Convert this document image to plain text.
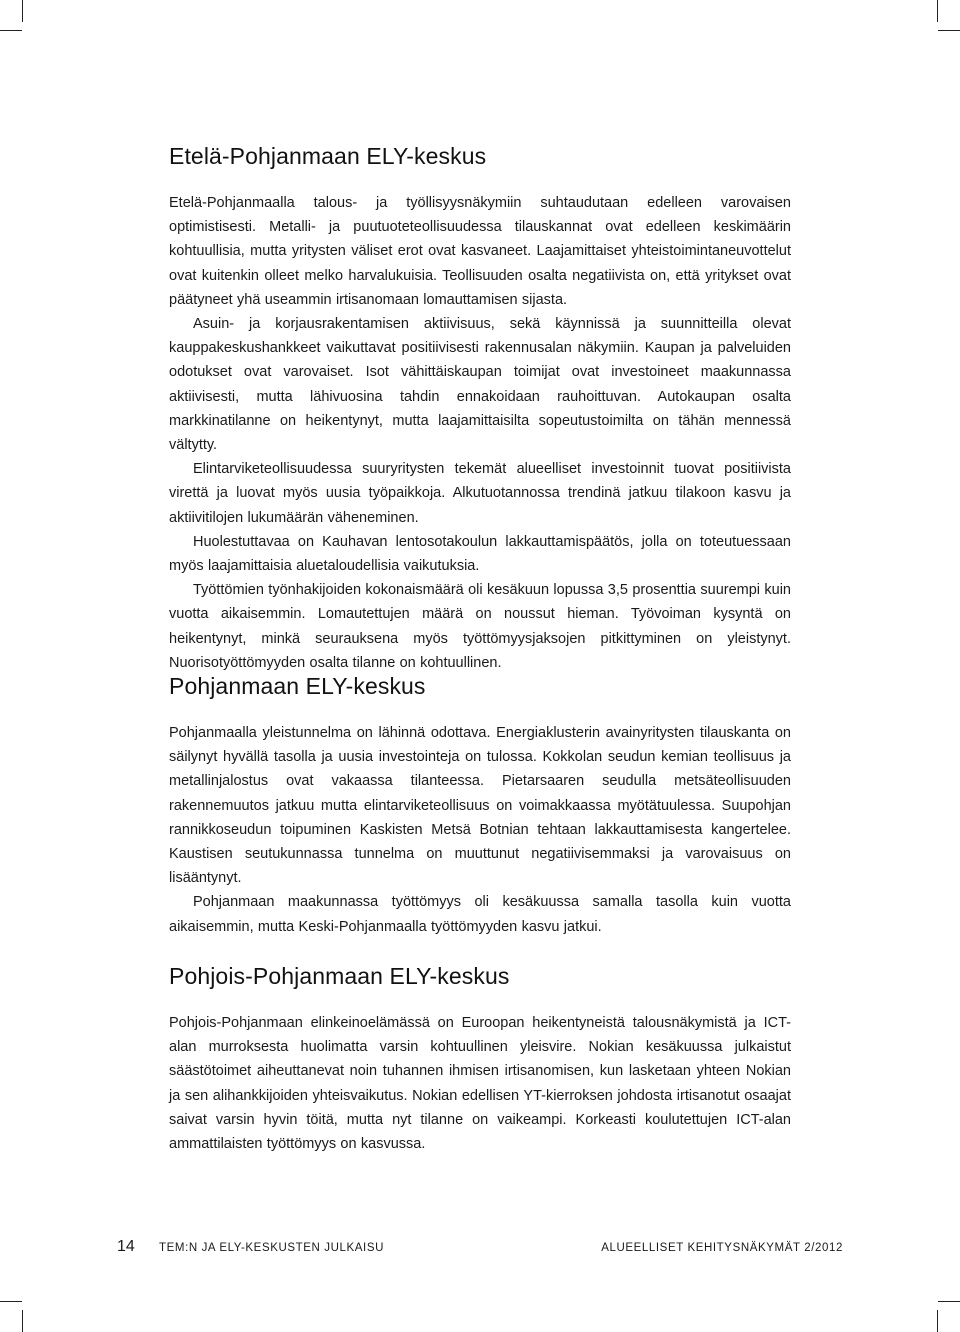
Etelä-Pohjanmaan ELY-keskus

Etelä-Pohjanmaalla talous- ja työllisyysnäkymiin suhtaudutaan edelleen varovaisen optimistisesti. Metalli- ja puutuoteteollisuudessa tilauskannat ovat edelleen keskimäärin kohtuullisia, mutta yritysten väliset erot ovat kasvaneet. Laajamittaiset yhteistoimintaneuvottelut ovat kuitenkin olleet melko harvalukuisia. Teollisuuden osalta negatiivista on, että yritykset ovat päätyneet yhä useammin irtisanomaan lomauttamisen sijasta.

Asuin- ja korjausrakentamisen aktiivisuus, sekä käynnissä ja suunnitteilla olevat kauppakeskushankkeet vaikuttavat positiivisesti rakennusalan näkymiin. Kaupan ja palveluiden odotukset ovat varovaiset. Isot vähittäiskaupan toimijat ovat investoineet maakunnassa aktiivisesti, mutta lähivuosina tahdin ennakoidaan rauhoittuvan. Autokaupan osalta markkinatilanne on heikentynyt, mutta laajamittaisilta sopeutustoimilta on tähän mennessä vältytty.

Elintarviketeollisuudessa suuryritysten tekemät alueelliset investoinnit tuovat positiivista virettä ja luovat myös uusia työpaikkoja. Alkutuotannossa trendinä jatkuu tilakoon kasvu ja aktiivitilojen lukumäärän väheneminen.

Huolestuttavaa on Kauhavan lentosotakoulun lakkauttamispäätös, jolla on toteutuessaan myös laajamittaisia aluetaloudellisia vaikutuksia.

Työttömien työnhakijoiden kokonaismäärä oli kesäkuun lopussa 3,5 prosenttia suurempi kuin vuotta aikaisemmin. Lomautettujen määrä on noussut hieman. Työvoiman kysyntä on heikentynyt, minkä seurauksena myös työttömyysjaksojen pitkittyminen on yleistynyt. Nuorisotyöttömyyden osalta tilanne on kohtuullinen.

Pohjanmaan ELY-keskus

Pohjanmaalla yleistunnelma on lähinnä odottava. Energiaklusterin avainyritysten tilauskanta on säilynyt hyvällä tasolla ja uusia investointeja on tulossa. Kokkolan seudun kemian teollisuus ja metallinjalostus ovat vakaassa tilanteessa. Pietarsaaren seudulla metsäteollisuuden rakennemuutos jatkuu mutta elintarviketeollisuus on voimakkaassa myötätuulessa. Suupohjan rannikkoseudun toipuminen Kaskisten Metsä Botnian tehtaan lakkauttamisesta kangertelee. Kaustisen seutukunnassa tunnelma on muuttunut negatiivisemmaksi ja varovaisuus on lisääntynyt.

Pohjanmaan maakunnassa työttömyys oli kesäkuussa samalla tasolla kuin vuotta aikaisemmin, mutta Keski-Pohjanmaalla työttömyyden kasvu jatkui.

Pohjois-Pohjanmaan ELY-keskus

Pohjois-Pohjanmaan elinkeinoelämässä on Euroopan heikentyneistä talousnäkymistä ja ICT-alan murroksesta huolimatta varsin kohtuullinen yleisvire. Nokian kesäkuussa julkaistut säästötoimet aiheuttanevat noin tuhannen ihmisen irtisanomisen, kun lasketaan yhteen Nokian ja sen alihankkijoiden yhteisvaikutus. Nokian edellisen YT-kierroksen johdosta irtisanotut osaajat saivat varsin hyvin töitä, mutta nyt tilanne on vaikeampi. Korkeasti koulutettujen ICT-alan ammattilaisten työttömyys on kasvussa.

14 TEM:N JA ELY-KESKUSTEN JULKAISU	ALUEELLISET KEHITYSNÄKYMÄT 2/2012
